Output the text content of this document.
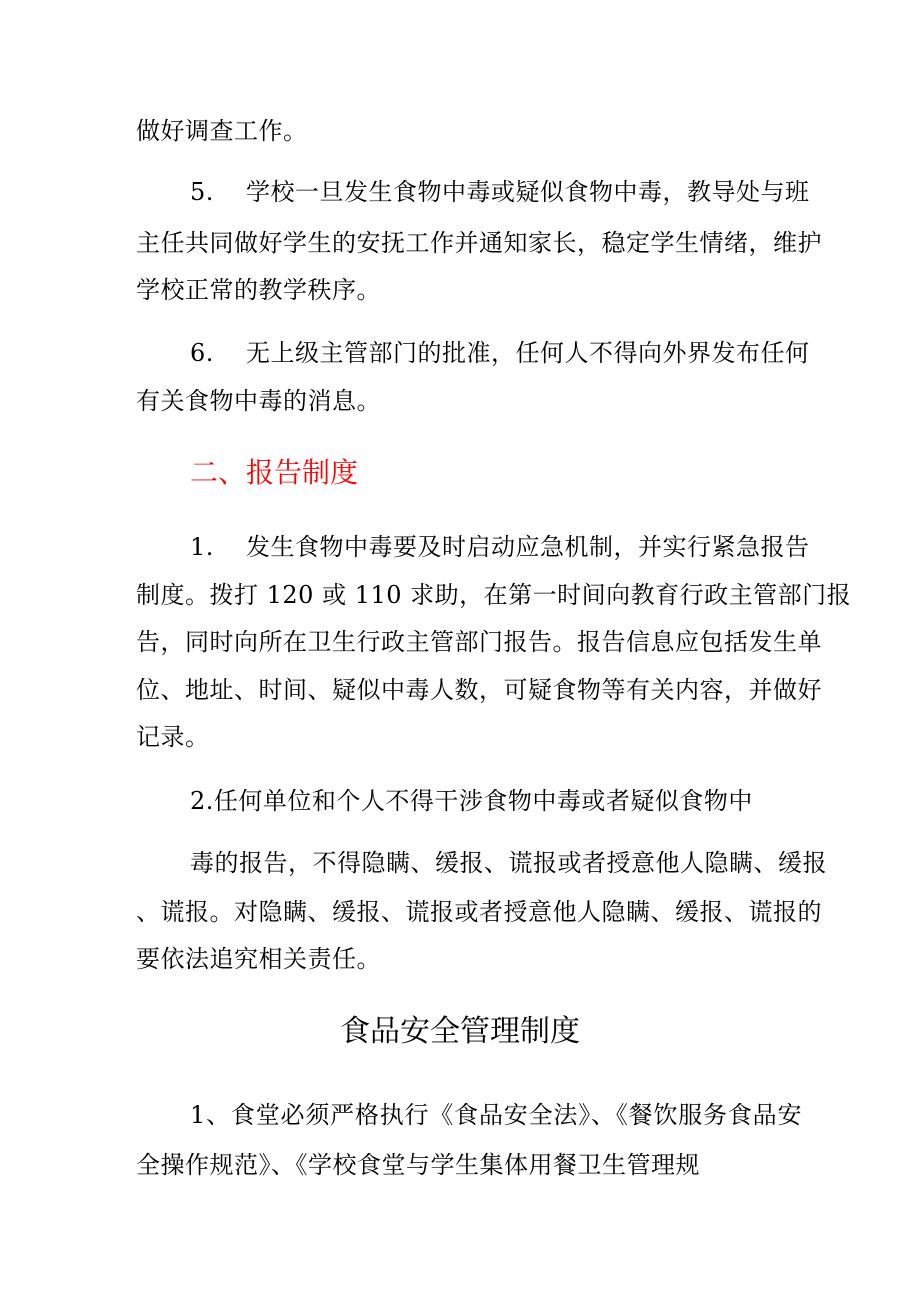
做好调查工作。
5. 学校一旦发生食物中毒或疑似食物中毒，教导处与班
主任共同做好学生的安抚工作并通知家长，稳定学生情绪，维护
学校正常的教学秩序。
6. 无上级主管部门的批准，任何人不得向外界发布任何
有关食物中毒的消息。
二、报告制度
1. 发生食物中毒要及时启动应急机制，并实行紧急报告
制度。拨打 120 或 110 求助，在第一时间向教育行政主管部门报
告，同时向所在卫生行政主管部门报告。报告信息应包括发生单
位、地址、时间、疑似中毒人数，可疑食物等有关内容，并做好
记录。
2.任何单位和个人不得干涉食物中毒或者疑似食物中
毒的报告，不得隐瞒、缓报、谎报或者授意他人隐瞒、缓报
、谎报。对隐瞒、缓报、谎报或者授意他人隐瞒、缓报、谎报的
要依法追究相关责任。
食品安全管理制度
1、食堂必须严格执行《食品安全法》、《餐饮服务食品安
全操作规范》、《学校食堂与学生集体用餐卫生管理规
